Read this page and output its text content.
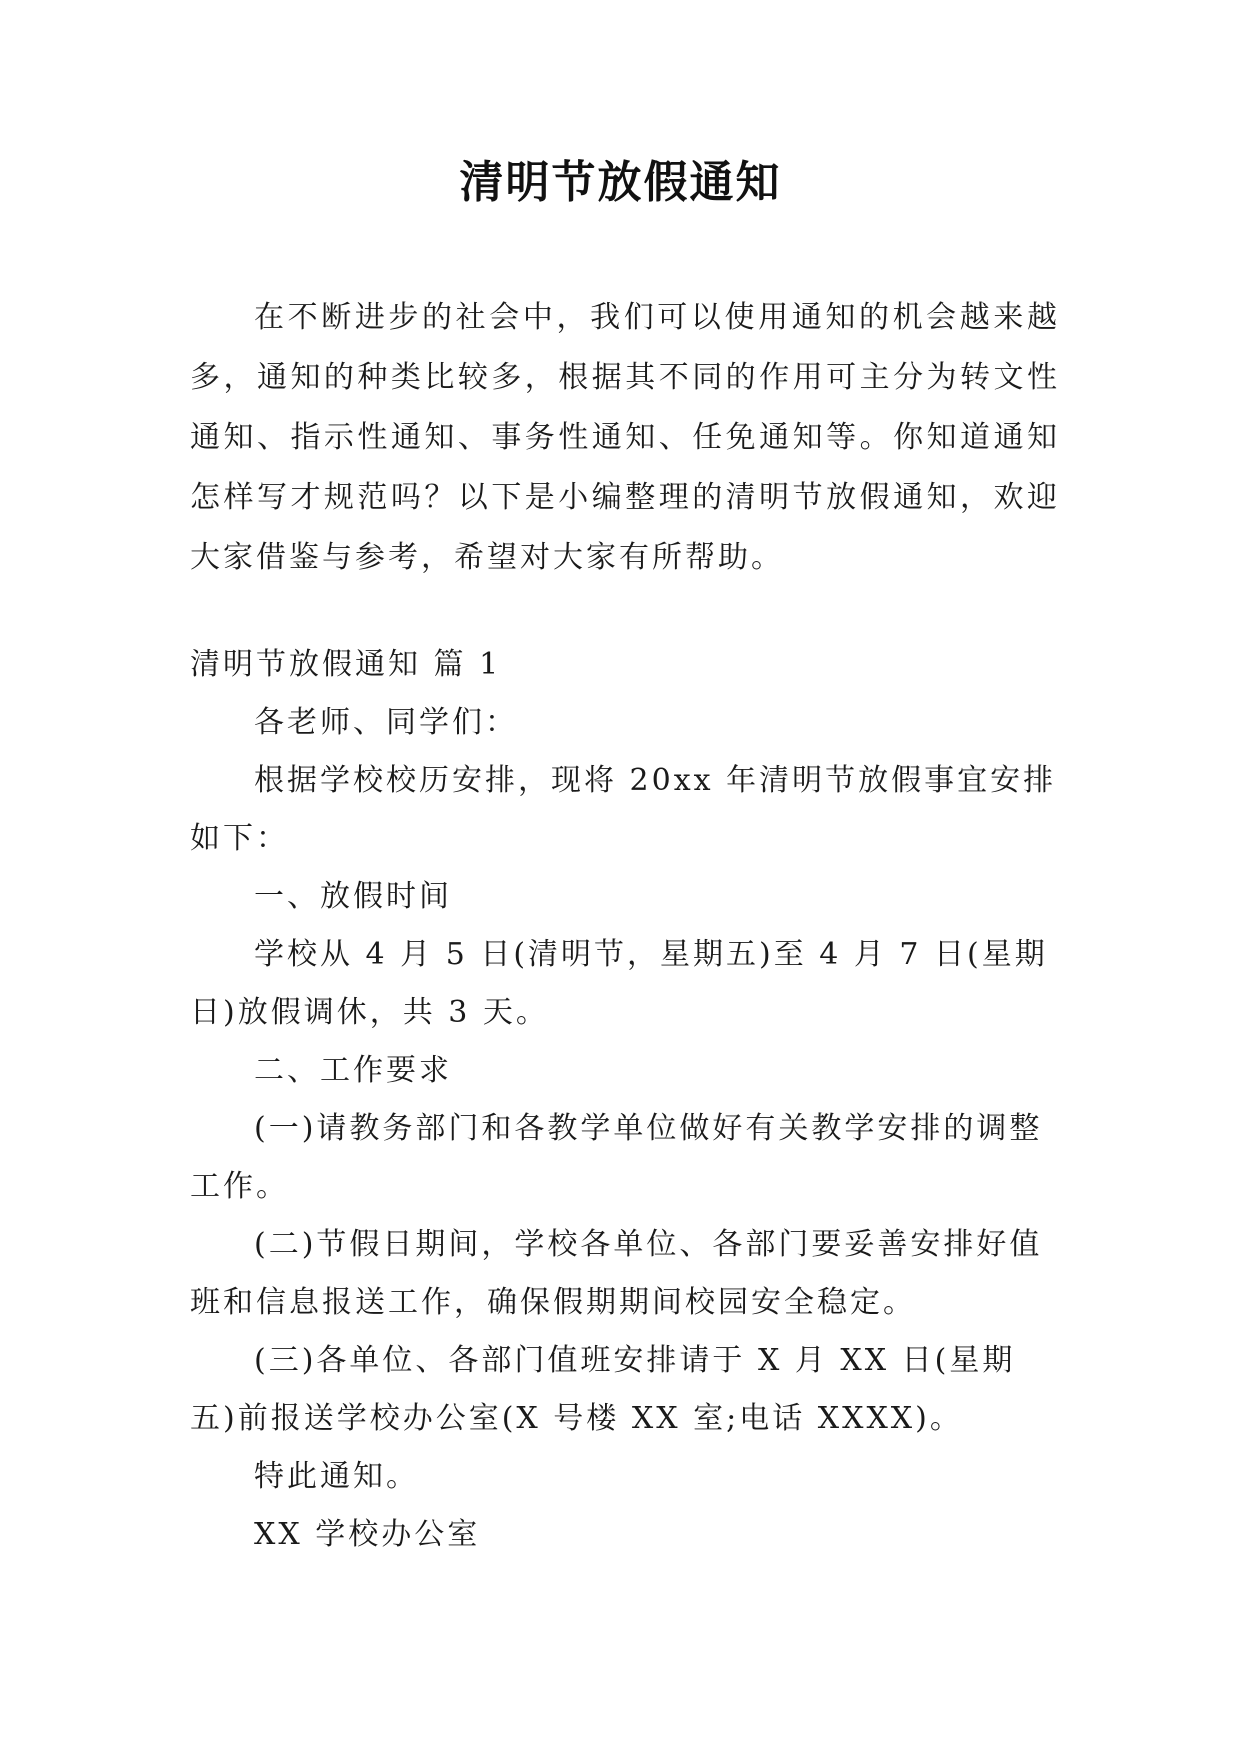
清明节放假通知

在不断进步的社会中，我们可以使用通知的机会越来越多，通知的种类比较多，根据其不同的作用可主分为转文性通知、指示性通知、事务性通知、任免通知等。你知道通知怎样写才规范吗？以下是小编整理的清明节放假通知，欢迎大家借鉴与参考，希望对大家有所帮助。

清明节放假通知 篇 1

各老师、同学们：

根据学校校历安排，现将 20xx 年清明节放假事宜安排如下：

一、放假时间

学校从 4 月 5 日(清明节，星期五)至 4 月 7 日(星期日)放假调休，共 3 天。

二、工作要求

(一)请教务部门和各教学单位做好有关教学安排的调整工作。

(二)节假日期间，学校各单位、各部门要妥善安排好值班和信息报送工作，确保假期期间校园安全稳定。

(三)各单位、各部门值班安排请于 X 月 XX 日(星期五)前报送学校办公室(X 号楼 XX 室;电话 XXXX)。

特此通知。

XX 学校办公室
